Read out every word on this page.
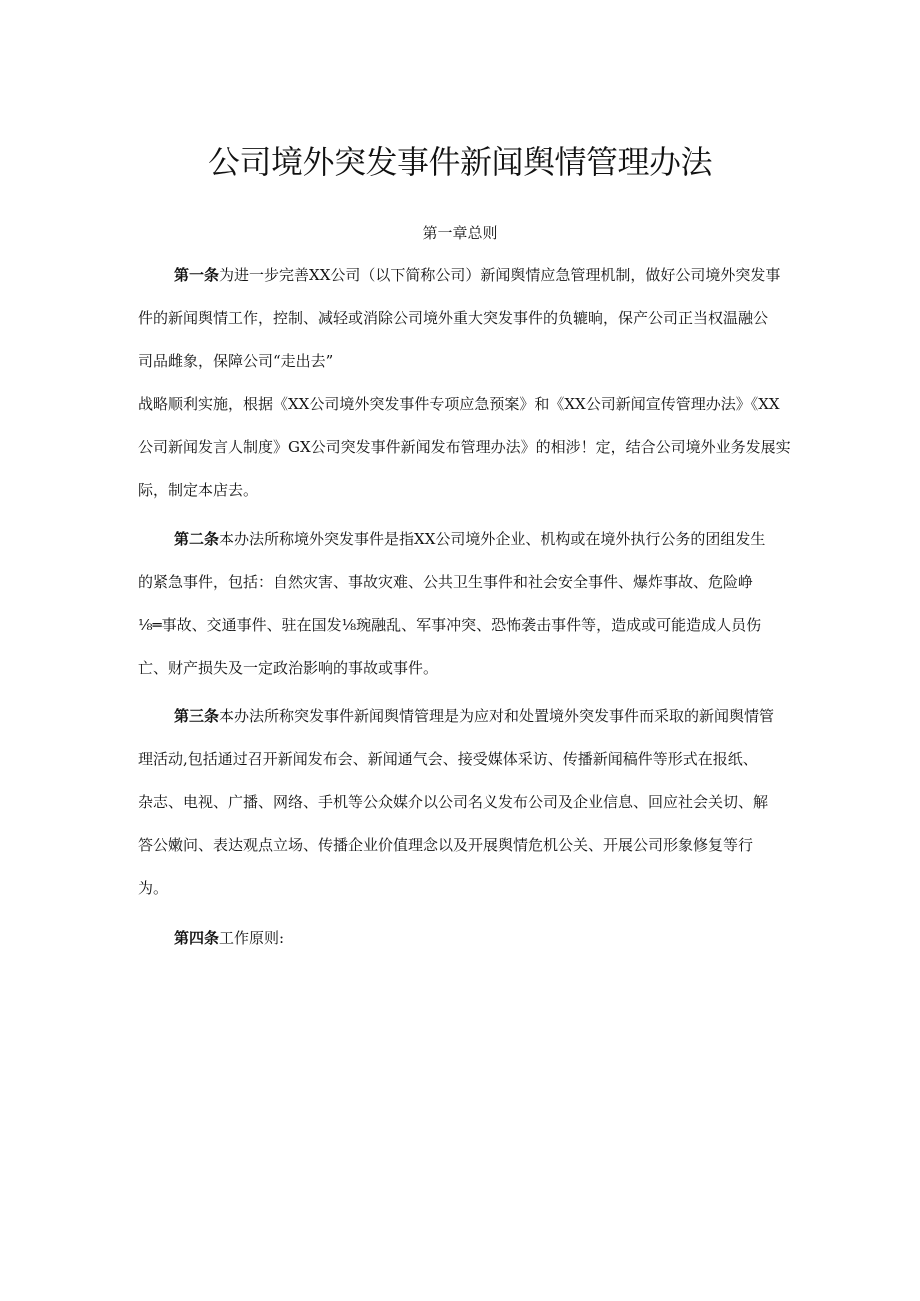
公司境外突发事件新闻舆情管理办法
第一章总则
第一条为进一步完善XX公司（以下简称公司）新闻舆情应急管理机制，做好公司境外突发事
件的新闻舆情工作，控制、减轻或消除公司境外重大突发事件的负辘晌，保产公司正当权温融公
司品雌象，保障公司“走出去”
战略顺利实施，根据《XX公司境外突发事件专项应急预案》和《XX公司新闻宣传管理办法》《XX
公司新闻发言人制度》GX公司突发事件新闻发布管理办法》的相涉！定，结合公司境外业务发展实
际，制定本店去。
第二条本办法所称境外突发事件是指XX公司境外企业、机构或在境外执行公务的团组发生
的紧急事件，包括：自然灾害、事故灾难、公共卫生事件和社会安全事件、爆炸事故、危险峥
⅛═事故、交通事件、驻在国发⅛琬融乱、军事冲突、恐怖袭击事件等，造成或可能造成人员伤
亡、财产损失及一定政治影响的事故或事件。
第三条本办法所称突发事件新闻舆情管理是为应对和处置境外突发事件而采取的新闻舆情管
理活动,包括通过召开新闻发布会、新闻通气会、接受媒体采访、传播新闻稿件等形式在报纸、
杂志、电视、广播、网络、手机等公众媒介以公司名义发布公司及企业信息、回应社会关切、解
答公嫩问、表达观点立场、传播企业价值理念以及开展舆情危机公关、开展公司形象修复等行
为。
第四条工作原则:
